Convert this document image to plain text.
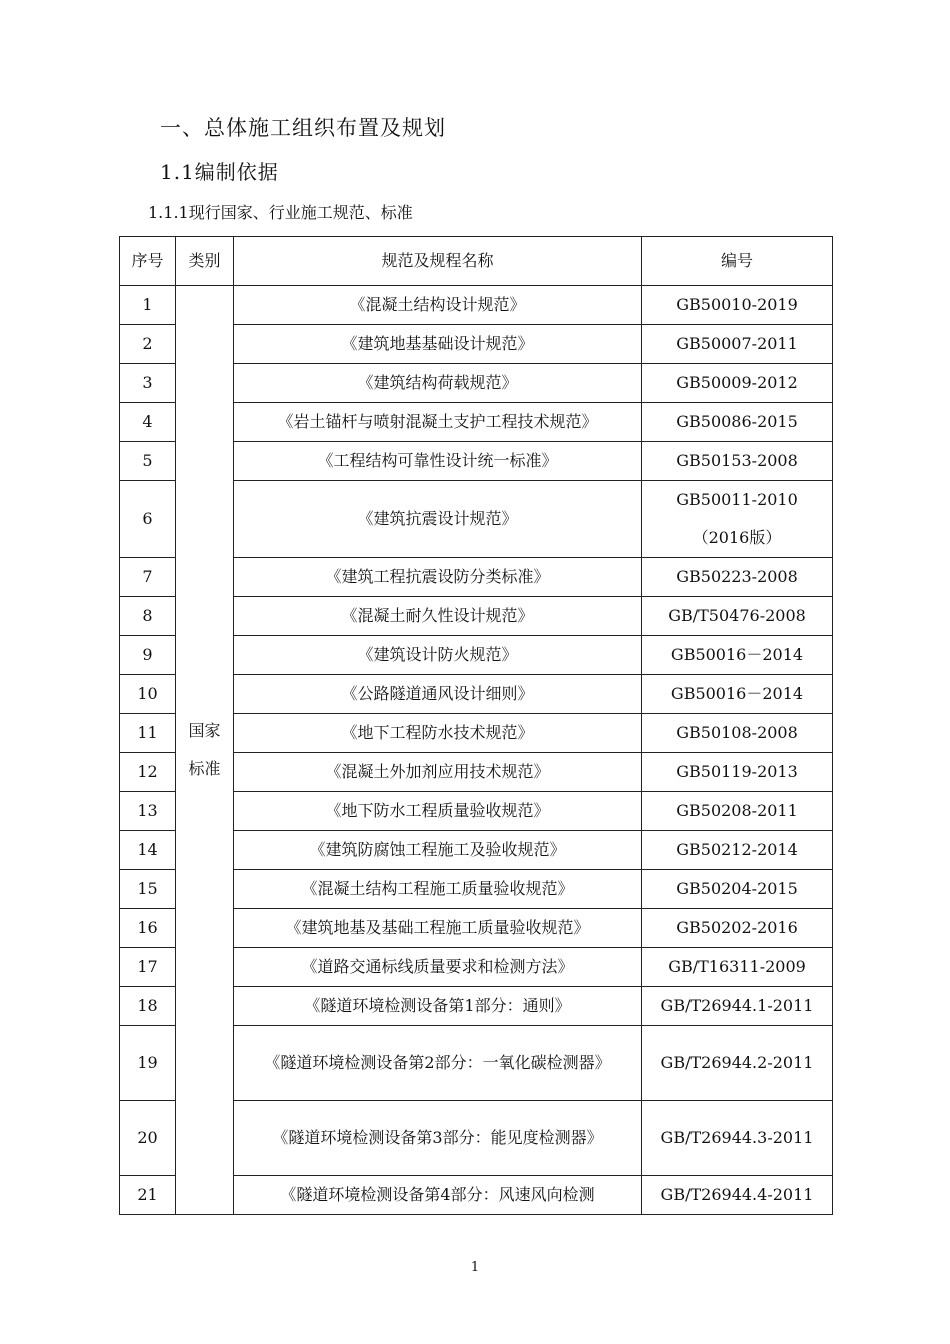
一、总体施工组织布置及规划
1.1编制依据
1.1.1现行国家、行业施工规范、标准
序号	类别	规范及规程名称	编号
1	国家标准	《混凝土结构设计规范》	GB50010-2019
2		《建筑地基基础设计规范》	GB50007-2011
3		《建筑结构荷载规范》	GB50009-2012
4		《岩土锚杆与喷射混凝土支护工程技术规范》	GB50086-2015
5		《工程结构可靠性设计统一标准》	GB50153-2008
6		《建筑抗震设计规范》	GB50011-2010（2016版）
7		《建筑工程抗震设防分类标准》	GB50223-2008
8		《混凝土耐久性设计规范》	GB/T50476-2008
9		《建筑设计防火规范》	GB50016－2014
10		《公路隧道通风设计细则》	GB50016－2014
11		《地下工程防水技术规范》	GB50108-2008
12		《混凝土外加剂应用技术规范》	GB50119-2013
13		《地下防水工程质量验收规范》	GB50208-2011
14		《建筑防腐蚀工程施工及验收规范》	GB50212-2014
15		《混凝土结构工程施工质量验收规范》	GB50204-2015
16		《建筑地基及基础工程施工质量验收规范》	GB50202-2016
17		《道路交通标线质量要求和检测方法》	GB/T16311-2009
18		《隧道环境检测设备第1部分：通则》	GB/T26944.1-2011
19		《隧道环境检测设备第2部分：一氧化碳检测器》	GB/T26944.2-2011
20		《隧道环境检测设备第3部分：能见度检测器》	GB/T26944.3-2011
21		《隧道环境检测设备第4部分：风速风向检测	GB/T26944.4-2011
1
